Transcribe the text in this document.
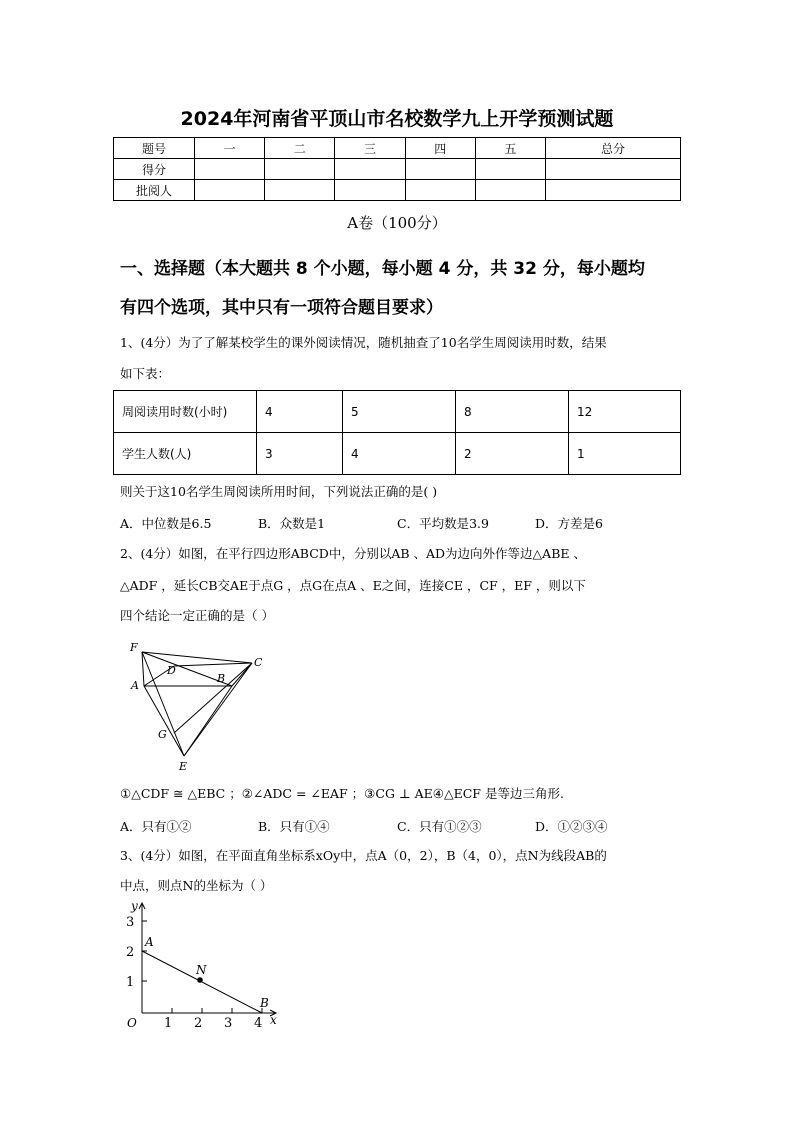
2024年河南省平顶山市名校数学九上开学预测试题
题号	一	二	三	四	五	总分
得分						
批阅人						
A卷（100分）
一、选择题（本大题共 8 个小题，每小题 4 分，共 32 分，每小题均
有四个选项，其中只有一项符合题目要求）
1、(4分）为了了解某校学生的课外阅读情况，随机抽查了10名学生周阅读用时数，结果
如下表：
周阅读用时数(小时)	4	5	8	12
学生人数(人)	3	4	2	1
则关于这10名学生周阅读所用时间，下列说法正确的是( )
A．中位数是6.5	B．众数是1	C．平均数是3.9	D．方差是6
2、(4分）如图，在平行四边形ABCD中，分别以AB 、AD为边向外作等边△ABE 、
△ADF ，延长CB交AE于点G ，点G在点A 、E之间，连接CE ，CF ，EF ，则以下
四个结论一定正确的是（ ）
F
D
C
A
B
G
E
①△CDF ≅ △EBC ；②∠ADC = ∠EAF ；③CG ⊥ AE④△ECF 是等边三角形.
A．只有①②	B．只有①④	C．只有①②③	D．①②③④
3、(4分）如图，在平面直角坐标系xOy中，点A（0，2），B（4，0），点N为线段AB的
中点，则点N的坐标为（ ）
3
2
1
1 2 3 4
O	x
y
A
N
B
